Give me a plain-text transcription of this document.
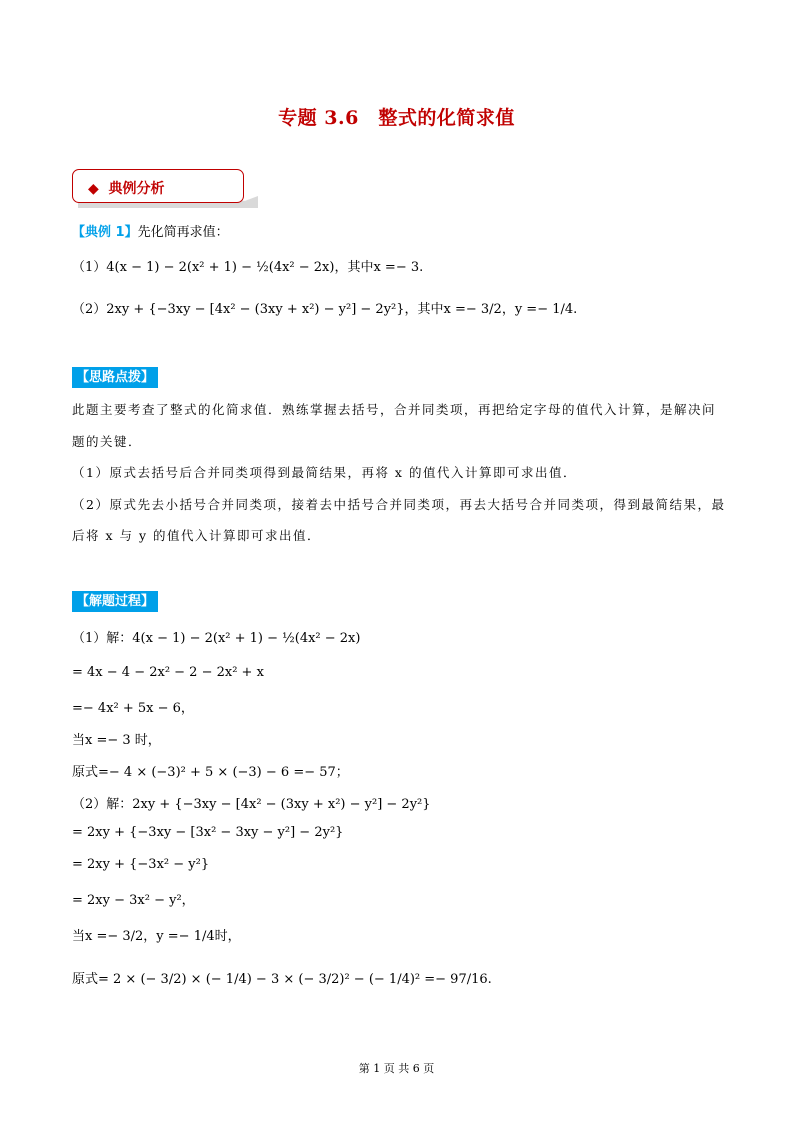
专题 3.6　整式的化简求值
◆ 典例分析
【典例 1】先化简再求值：
（1）4(x − 1) − 2(x² + 1) − ½(4x² − 2x)，其中x =− 3.
（2）2xy + {−3xy − [4x² − (3xy + x²) − y²] − 2y²}，其中x =− 3/2，y =− 1/4.
【思路点拨】
此题主要考查了整式的化简求值．熟练掌握去括号，合并同类项，再把给定字母的值代入计算，是解决问
题的关键．
（1）原式去括号后合并同类项得到最简结果，再将 x 的值代入计算即可求出值．
（2）原式先去小括号合并同类项，接着去中括号合并同类项，再去大括号合并同类项，得到最简结果，最
后将 x 与 y 的值代入计算即可求出值．
【解题过程】
（1）解：4(x − 1) − 2(x² + 1) − ½(4x² − 2x)
= 4x − 4 − 2x² − 2 − 2x² + x
=− 4x² + 5x − 6，
当x =− 3 时，
原式=− 4 × (−3)² + 5 × (−3) − 6 =− 57；
（2）解：2xy + {−3xy − [4x² − (3xy + x²) − y²] − 2y²}
= 2xy + {−3xy − [3x² − 3xy − y²] − 2y²}
= 2xy + {−3x² − y²}
= 2xy − 3x² − y²，
当x =− 3/2，y =− 1/4时，
原式= 2 × (− 3/2) × (− 1/4) − 3 × (− 3/2)² − (− 1/4)² =− 97/16.
第 1 页 共 6 页
